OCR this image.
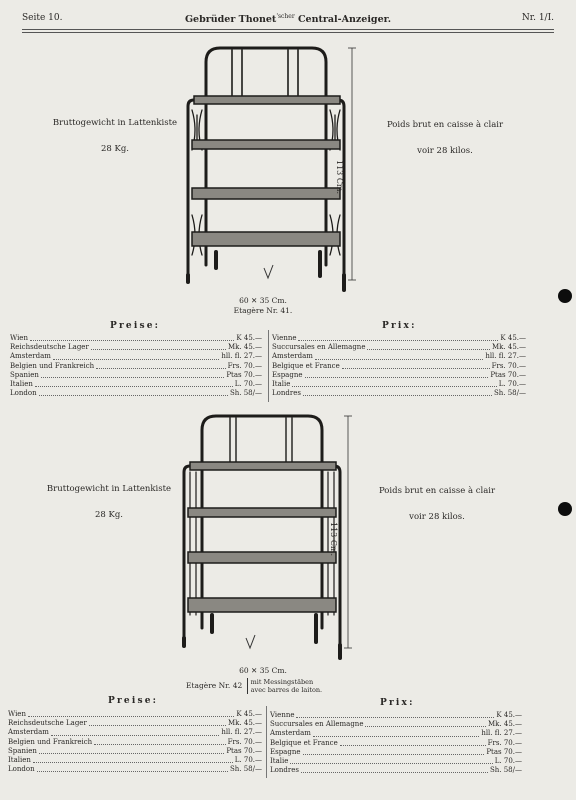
Seite 10.	Gebrüder Thonet$^{'scher}$ Central-Anzeiger.	Nr. 1/I.
Bruttogewicht in Lattenkiste
28 Kg.
Poids brut en caisse à clair
voir 28 kilos.
113 Cm.
60 ✕ 35 Cm.
Etagère Nr. 41.
Preise:	Prix:
Wien	K 45.—
Reichsdeutsche Lager	Mk. 45.—
Amsterdam	hll. fl. 27.—
Belgien und Frankreich	Frs. 70.—
Spanien	Ptas 70.—
Italien	L. 70.—
London	Sh. 58/—
Vienne	K 45.—
Succursales en Allemagne	Mk. 45.—
Amsterdam	hll. fl. 27.—
Belgique et France	Frs. 70.—
Espagne	Ptas 70.—
Italie	L. 70.—
Londres	Sh. 58/—
Bruttogewicht in Lattenkiste
28 Kg.
Poids brut en caisse à clair
voir 28 kilos.
113 Cm.
60 ✕ 35 Cm.
Etagère Nr. 42 mit Messingstäben
avec barres de laiton.
Preise:	Prix:
Wien	K 45.—
Reichsdeutsche Lager	Mk. 45.—
Amsterdam	hll. fl. 27.—
Belgien und Frankreich	Frs. 70.—
Spanien	Ptas 70.—
Italien	L. 70.—
London	Sh. 58/—
Vienne	K 45.—
Succursales en Allemagne	Mk. 45.—
Amsterdam	hll. fl. 27.—
Belgique et France	Frs. 70.—
Espagne	Ptas 70.—
Italie	L. 70.—
Londres	Sh. 58/—
